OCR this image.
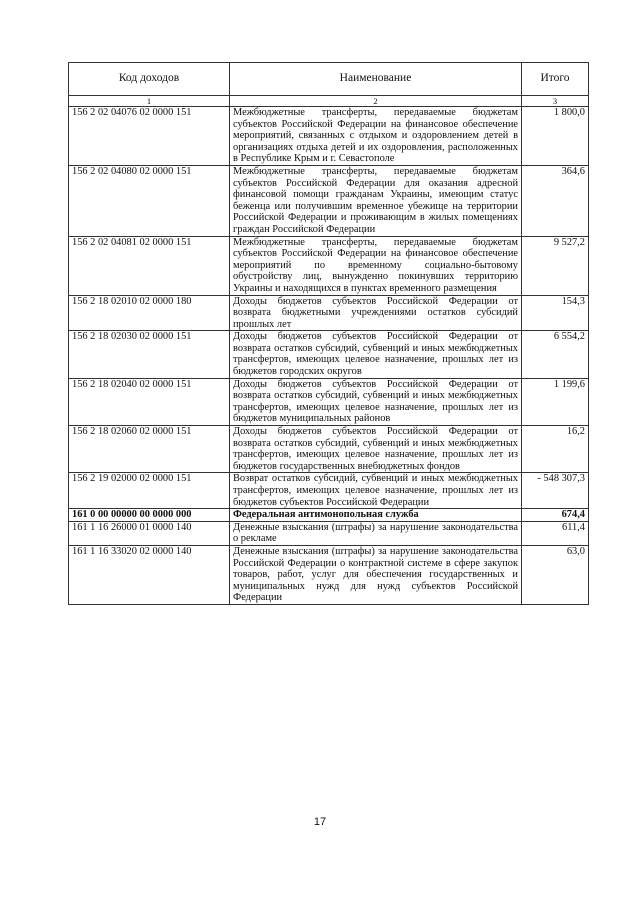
Код доходов	Наименование	Итого
1	2	3
156 2 02 04076 02 0000 151	Межбюджетные трансферты, передаваемые бюджетам субъектов Российской Федерации на финансовое обеспечение мероприятий, связанных с отдыхом и оздоровлением детей в организациях отдыха детей и их оздоровления, расположенных в Республике Крым и г. Севастополе	1 800,0
156 2 02 04080 02 0000 151	Межбюджетные трансферты, передаваемые бюджетам субъектов Российской Федерации для оказания адресной финансовой помощи гражданам Украины, имеющим статус беженца или получившим временное убежище на территории Российской Федерации и проживающим в жилых помещениях граждан Российской Федерации	364,6
156 2 02 04081 02 0000 151	Межбюджетные трансферты, передаваемые бюджетам субъектов Российской Федерации на финансовое обеспечение мероприятий по временному социально-бытовому обустройству лиц, вынужденно покинувших территорию Украины и находящихся в пунктах временного размещения	9 527,2
156 2 18 02010 02 0000 180	Доходы бюджетов субъектов Российской Федерации от возврата бюджетными учреждениями остатков субсидий прошлых лет	154,3
156 2 18 02030 02 0000 151	Доходы бюджетов субъектов Российской Федерации от возврата остатков субсидий, субвенций и иных межбюджетных трансфертов, имеющих целевое назначение, прошлых лет из бюджетов городских округов	6 554,2
156 2 18 02040 02 0000 151	Доходы бюджетов субъектов Российской Федерации от возврата остатков субсидий, субвенций и иных межбюджетных трансфертов, имеющих целевое назначение, прошлых лет из бюджетов муниципальных районов	1 199,6
156 2 18 02060 02 0000 151	Доходы бюджетов субъектов Российской Федерации от возврата остатков субсидий, субвенций и иных межбюджетных трансфертов, имеющих целевое назначение, прошлых лет из бюджетов государственных внебюджетных фондов	16,2
156 2 19 02000 02 0000 151	Возврат остатков субсидий, субвенций и иных межбюджетных трансфертов, имеющих целевое назначение, прошлых лет из бюджетов субъектов Российской Федерации	- 548 307,3
161 0 00 00000 00 0000 000	Федеральная антимонопольная служба	674,4
161 1 16 26000 01 0000 140	Денежные взыскания (штрафы) за нарушение законодательства о рекламе	611,4
161 1 16 33020 02 0000 140	Денежные взыскания (штрафы) за нарушение законодательства Российской Федерации о контрактной системе в сфере закупок товаров, работ, услуг для обеспечения государственных и муниципальных нужд для нужд субъектов Российской Федерации	63,0
17
